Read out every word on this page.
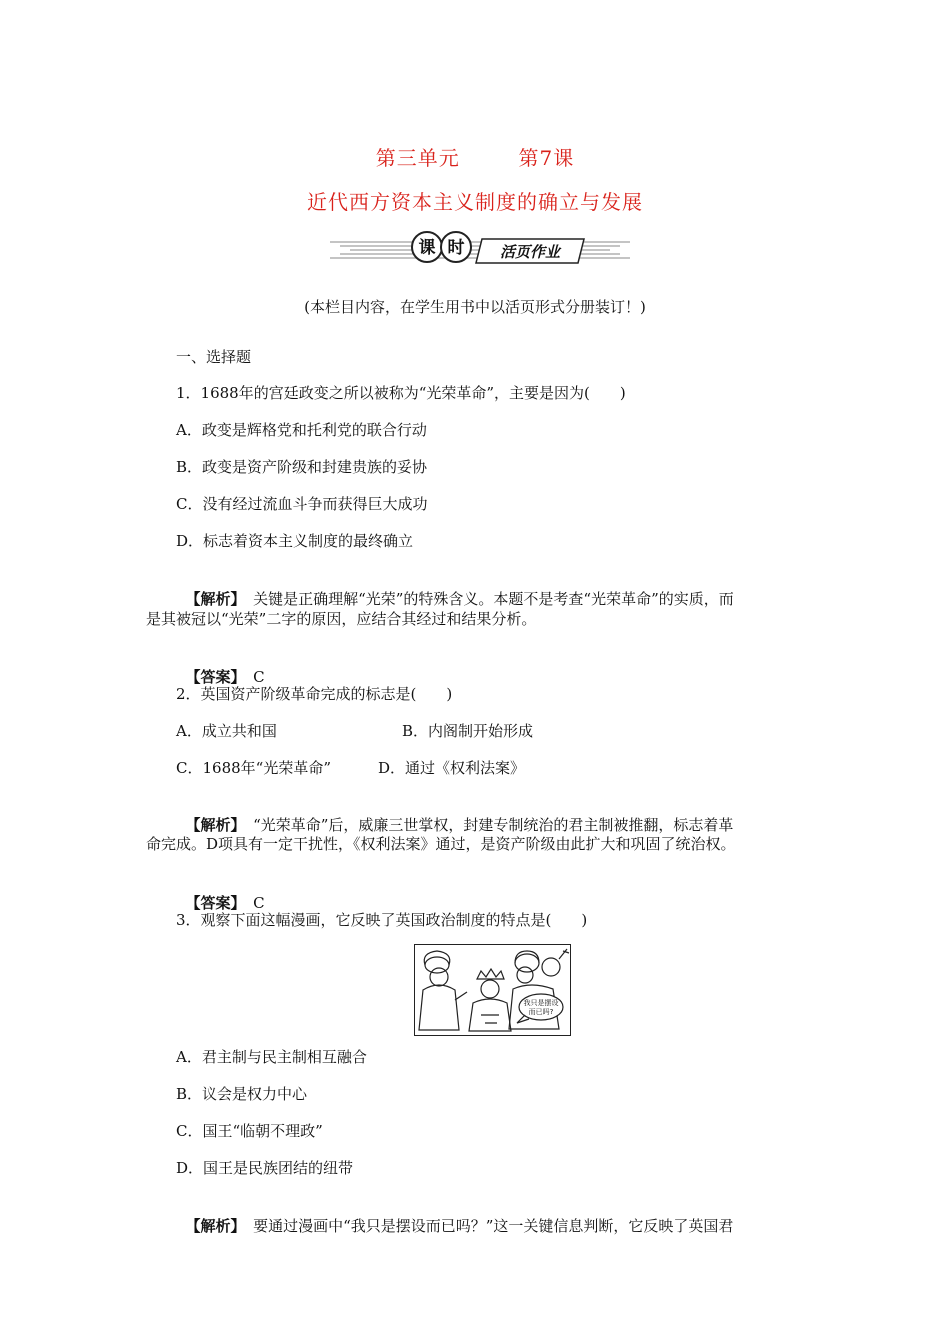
第三单元        第7课
近代西方资本主义制度的确立与发展
课 时 活页作业
(本栏目内容，在学生用书中以活页形式分册装订！)
一、选择题
1．1688年的宫廷政变之所以被称为“光荣革命”，主要是因为(　　)
A．政变是辉格党和托利党的联合行动
B．政变是资产阶级和封建贵族的妥协
C．没有经过流血斗争而获得巨大成功
D．标志着资本主义制度的最终确立

【解析】　关键是正确理解“光荣”的特殊含义。本题不是考查“光荣革命”的实质，而

是其被冠以“光荣”二字的原因，应结合其经过和结果分析。

【答案】　C

2．英国资产阶级革命完成的标志是(　　)
A．成立共和国	B．内阁制开始形成
C．1688年“光荣革命”	D．通过《权利法案》

【解析】　“光荣革命”后，威廉三世掌权，封建专制统治的君主制被推翻，标志着革

命完成。D项具有一定干扰性，《权利法案》通过，是资产阶级由此扩大和巩固了统治权。

【答案】　C

3．观察下面这幅漫画，它反映了英国政治制度的特点是(　　)
我只是摆设
而已吗?
A．君主制与民主制相互融合
B．议会是权力中心
C．国王“临朝不理政”
D．国王是民族团结的纽带

【解析】　要通过漫画中“我只是摆设而已吗？”这一关键信息判断，它反映了英国君
